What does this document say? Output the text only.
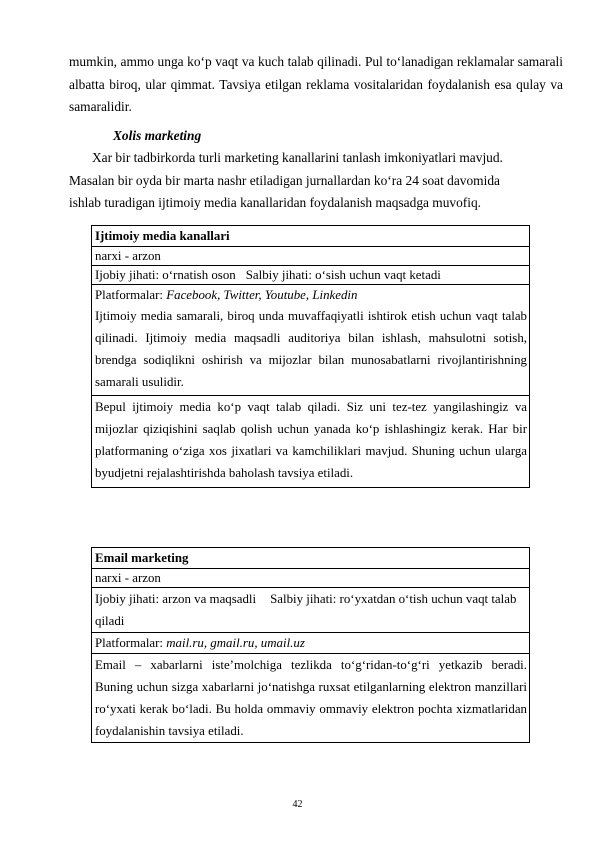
mumkin, ammo unga ko‘p vaqt va kuch talab qilinadi. Pul to‘lanadigan reklamalar samarali albatta biroq, ular qimmat. Tavsiya etilgan reklama vositalaridan foydalanish esa qulay va samaralidir.
Xolis marketing
Xar bir tadbirkorda turli marketing kanallarini tanlash imkoniyatlari mavjud.
Masalan bir oyda bir marta nashr etiladigan jurnallardan ko‘ra 24 soat davomida
ishlab turadigan ijtimoiy media kanallaridan foydalanish maqsadga muvofiq.
Ijtimoiy media kanallari
narxi - arzon
Ijobiy jihati: o‘rnatish oson Salbiy jihati: o‘sish uchun vaqt ketadi

Platformalar: Facebook, Twitter, Youtube, Linkedin
Ijtimoiy media samarali, biroq unda muvaffaqiyatli ishtirok etish uchun vaqt talab qilinadi. Ijtimoiy media maqsadli auditoriya bilan ishlash, mahsulotni sotish, brendga sodiqlikni oshirish va mijozlar bilan munosabatlarni rivojlantirishning samarali usulidir.

Bepul ijtimoiy media ko‘p vaqt talab qiladi. Siz uni tez-tez yangilashingiz va mijozlar qiziqishini saqlab qolish uchun yanada ko‘p ishlashingiz kerak. Har bir platformaning o‘ziga xos jixatlari va kamchiliklari mavjud. Shuning uchun ularga byudjetni rejalashtirishda baholash tavsiya etiladi.
Email marketing
narxi - arzon
Ijobiy jihati: arzon va maqsadli Salbiy jihati: ro‘yxatdan o‘tish uchun vaqt talab qiladi
Platformalar: mail.ru, gmail.ru, umail.uz
Email – xabarlarni iste’molchiga tezlikda to‘g‘ridan-to‘g‘ri yetkazib beradi. Buning uchun sizga xabarlarni jo‘natishga ruxsat etilganlarning elektron manzillari ro‘yxati kerak bo‘ladi. Bu holda ommaviy ommaviy elektron pochta xizmatlaridan foydalanishin tavsiya etiladi.
42
